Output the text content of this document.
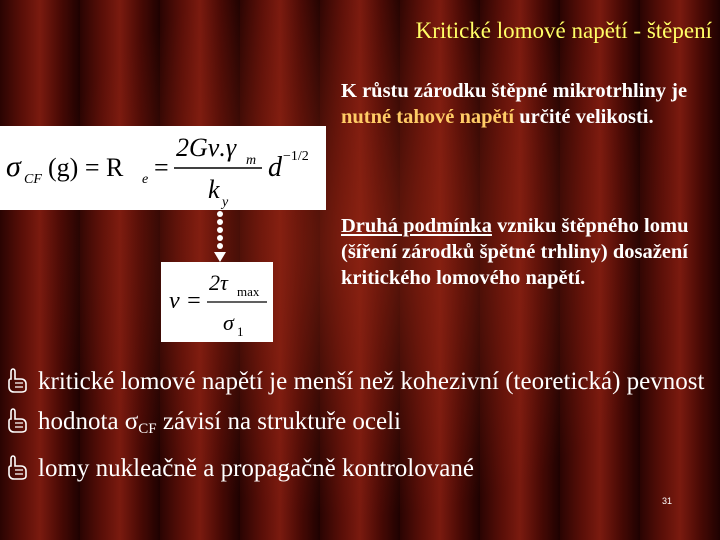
Kritické lomové napětí - štěpení
σ CF (g) = R e =
2Gν.γ m
k y
d −1/2
ν =
2τ max
σ 1
K růstu zárodku štěpné mikrotrhliny je nutné tahové napětí určité velikosti.
Druhá podmínka vzniku štěpného lomu (šíření zárodků špětné trhliny) dosažení kritického lomového napětí.
kritické lomové napětí je menší než kohezivní (teoretická) pevnost
hodnota $\sigma_{CF}$ závisí na struktuře oceli
lomy nukleačně a propagačně kontrolované
31
